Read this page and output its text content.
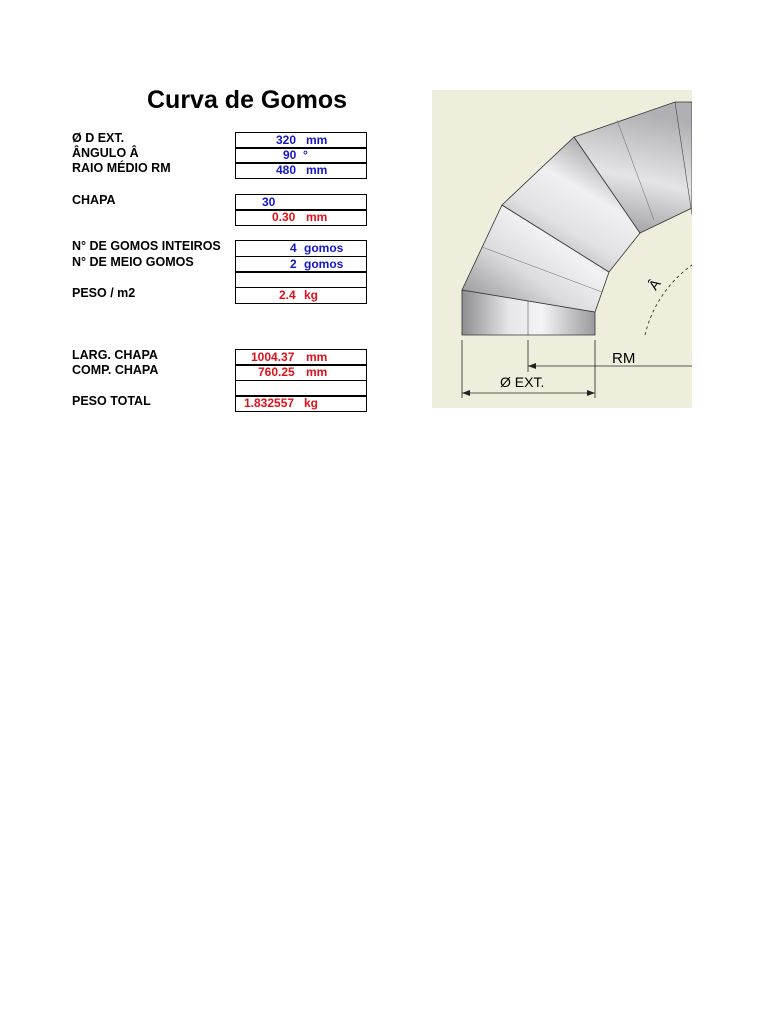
Curva de Gomos
Ø D EXT.
ÂNGULO Â
RAIO MÉDIO RM
CHAPA
N° DE GOMOS INTEIROS
N° DE MEIO GOMOS
PESO / m2
LARG. CHAPA
COMP. CHAPA
PESO TOTAL
320 mm
90 °
480 mm
30
0.30 mm
4 gomos
2 gomos
2.4 kg
1004.37 mm
760.25 mm
1.832557 kg
Â
RM
Ø EXT.
